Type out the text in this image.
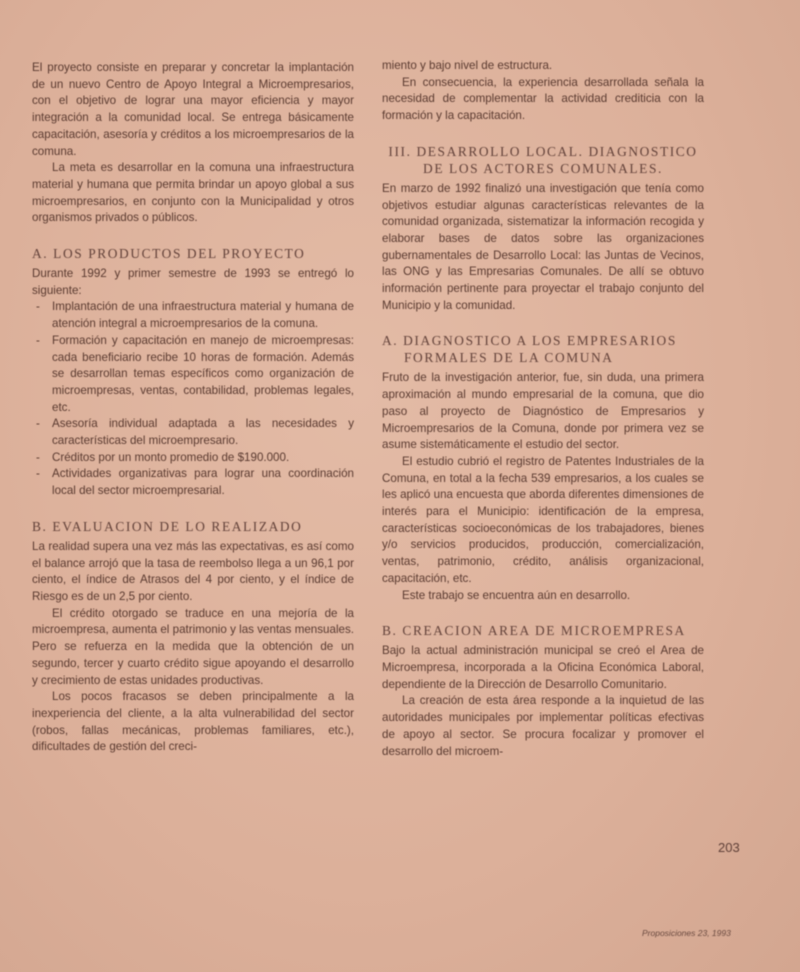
El proyecto consiste en preparar y concretar la implantación de un nuevo Centro de Apoyo Integral a Microempresarios, con el objetivo de lograr una mayor eficiencia y mayor integración a la comunidad local. Se entrega básicamente capacitación, asesoría y créditos a los microempresarios de la comuna.

La meta es desarrollar en la comuna una infraestructura material y humana que permita brindar un apoyo global a sus microempresarios, en conjunto con la Municipalidad y otros organismos privados o públicos.

A. LOS PRODUCTOS DEL PROYECTO

Durante 1992 y primer semestre de 1993 se entregó lo siguiente:

- Implantación de una infraestructura material y humana de atención integral a microempresarios de la comuna.
- Formación y capacitación en manejo de microempresas: cada beneficiario recibe 10 horas de formación. Además se desarrollan temas específicos como organización de microempresas, ventas, contabilidad, problemas legales, etc.
- Asesoría individual adaptada a las necesidades y características del microempresario.
- Créditos por un monto promedio de $190.000.
- Actividades organizativas para lograr una coordinación local del sector microempresarial.
B. EVALUACION DE LO REALIZADO

La realidad supera una vez más las expectativas, es así como el balance arrojó que la tasa de reembolso llega a un 96,1 por ciento, el índice de Atrasos del 4 por ciento, y el índice de Riesgo es de un 2,5 por ciento.

El crédito otorgado se traduce en una mejoría de la microempresa, aumenta el patrimonio y las ventas mensuales. Pero se refuerza en la medida que la obtención de un segundo, tercer y cuarto crédito sigue apoyando el desarrollo y crecimiento de estas unidades productivas.

Los pocos fracasos se deben principalmente a la inexperiencia del cliente, a la alta vulnerabilidad del sector (robos, fallas mecánicas, problemas familiares, etc.), dificultades de gestión del creci-

miento y bajo nivel de estructura.

En consecuencia, la experiencia desarrollada señala la necesidad de complementar la actividad crediticia con la formación y la capacitación.

III. DESARROLLO LOCAL. DIAGNOSTICO DE LOS ACTORES COMUNALES.

En marzo de 1992 finalizó una investigación que tenía como objetivos estudiar algunas características relevantes de la comunidad organizada, sistematizar la información recogida y elaborar bases de datos sobre las organizaciones gubernamentales de Desarrollo Local: las Juntas de Vecinos, las ONG y las Empresarias Comunales. De allí se obtuvo información pertinente para proyectar el trabajo conjunto del Municipio y la comunidad.

A. DIAGNOSTICO A LOS EMPRESARIOS
FORMALES DE LA COMUNA

Fruto de la investigación anterior, fue, sin duda, una primera aproximación al mundo empresarial de la comuna, que dio paso al proyecto de Diagnóstico de Empresarios y Microempresarios de la Comuna, donde por primera vez se asume sistemáticamente el estudio del sector.

El estudio cubrió el registro de Patentes Industriales de la Comuna, en total a la fecha 539 empresarios, a los cuales se les aplicó una encuesta que aborda diferentes dimensiones de interés para el Municipio: identificación de la empresa, características socioeconómicas de los trabajadores, bienes y/o servicios producidos, producción, comercialización, ventas, patrimonio, crédito, análisis organizacional, capacitación, etc.

Este trabajo se encuentra aún en desarrollo.

B. CREACION AREA DE MICROEMPRESA

Bajo la actual administración municipal se creó el Area de Microempresa, incorporada a la Oficina Económica Laboral, dependiente de la Dirección de Desarrollo Comunitario.

La creación de esta área responde a la inquietud de las autoridades municipales por implementar políticas efectivas de apoyo al sector. Se procura focalizar y promover el desarrollo del microem-

203
Proposiciones 23, 1993
